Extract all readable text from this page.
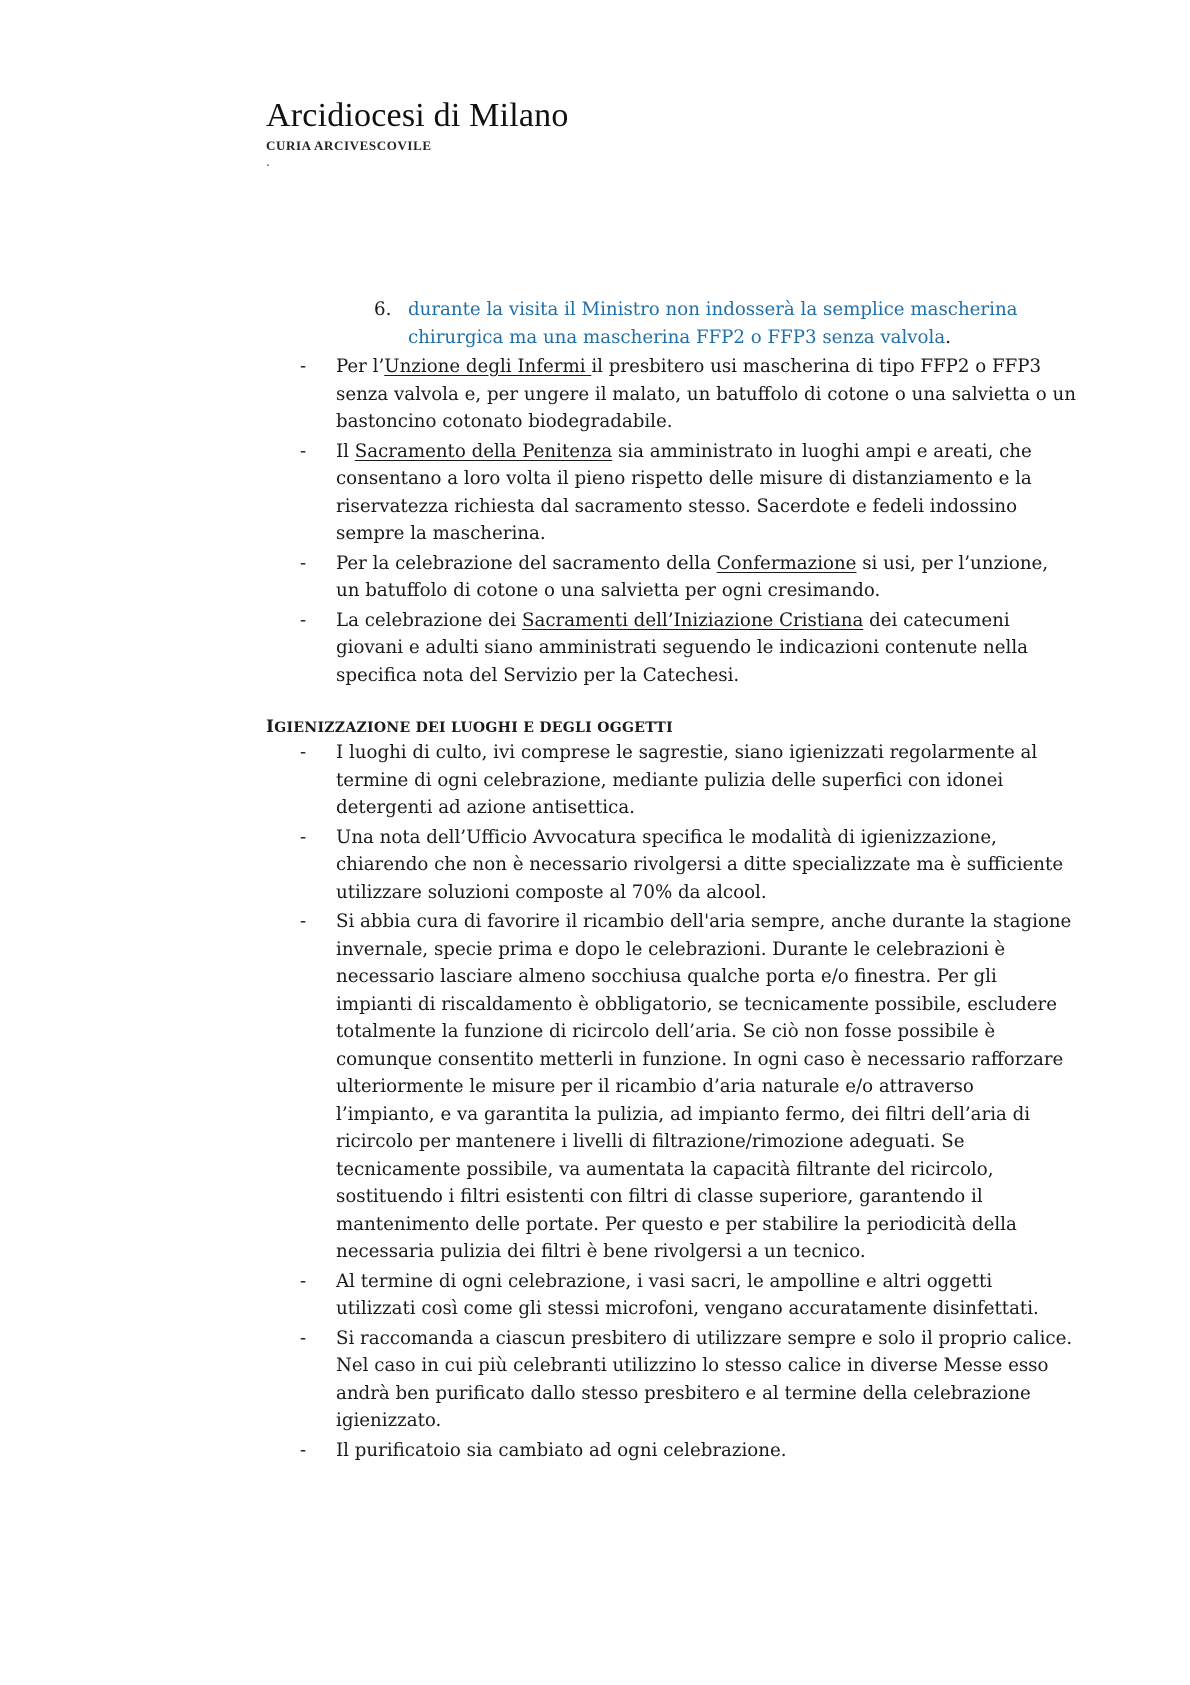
Arcidiocesi di Milano
CURIA ARCIVESCOVILE
.
6. durante la visita il Ministro non indosserà la semplice mascherina chirurgica ma una mascherina FFP2 o FFP3 senza valvola.
-	Per l’Unzione degli Infermi il presbitero usi mascherina di tipo FFP2 o FFP3 senza valvola e, per ungere il malato, un batuffolo di cotone o una salvietta o un bastoncino cotonato biodegradabile.
-	Il Sacramento della Penitenza sia amministrato in luoghi ampi e areati, che consentano a loro volta il pieno rispetto delle misure di distanziamento e la riservatezza richiesta dal sacramento stesso. Sacerdote e fedeli indossino sempre la mascherina.
-	Per la celebrazione del sacramento della Confermazione si usi, per l’unzione, un batuffolo di cotone o una salvietta per ogni cresimando.
-	La celebrazione dei Sacramenti dell’Iniziazione Cristiana dei catecumeni giovani e adulti siano amministrati seguendo le indicazioni contenute nella specifica nota del Servizio per la Catechesi.
IGIENIZZAZIONE DEI LUOGHI E DEGLI OGGETTI
-	I luoghi di culto, ivi comprese le sagrestie, siano igienizzati regolarmente al termine di ogni celebrazione, mediante pulizia delle superfici con idonei detergenti ad azione antisettica.
-	Una nota dell’Ufficio Avvocatura specifica le modalità di igienizzazione, chiarendo che non è necessario rivolgersi a ditte specializzate ma è sufficiente utilizzare soluzioni composte al 70% da alcool.
-	Si abbia cura di favorire il ricambio dell'aria sempre, anche durante la stagione invernale, specie prima e dopo le celebrazioni. Durante le celebrazioni è necessario lasciare almeno socchiusa qualche porta e/o finestra. Per gli impianti di riscaldamento è obbligatorio, se tecnicamente possibile, escludere totalmente la funzione di ricircolo dell’aria. Se ciò non fosse possibile è comunque consentito metterli in funzione. In ogni caso è necessario rafforzare ulteriormente le misure per il ricambio d’aria naturale e/o attraverso l’impianto, e va garantita la pulizia, ad impianto fermo, dei filtri dell’aria di ricircolo per mantenere i livelli di filtrazione/rimozione adeguati. Se tecnicamente possibile, va aumentata la capacità filtrante del ricircolo, sostituendo i filtri esistenti con filtri di classe superiore, garantendo il mantenimento delle portate. Per questo e per stabilire la periodicità della necessaria pulizia dei filtri è bene rivolgersi a un tecnico.
-	Al termine di ogni celebrazione, i vasi sacri, le ampolline e altri oggetti utilizzati così come gli stessi microfoni, vengano accuratamente disinfettati.
-	Si raccomanda a ciascun presbitero di utilizzare sempre e solo il proprio calice. Nel caso in cui più celebranti utilizzino lo stesso calice in diverse Messe esso andrà ben purificato dallo stesso presbitero e al termine della celebrazione igienizzato.
-	Il purificatoio sia cambiato ad ogni celebrazione.
